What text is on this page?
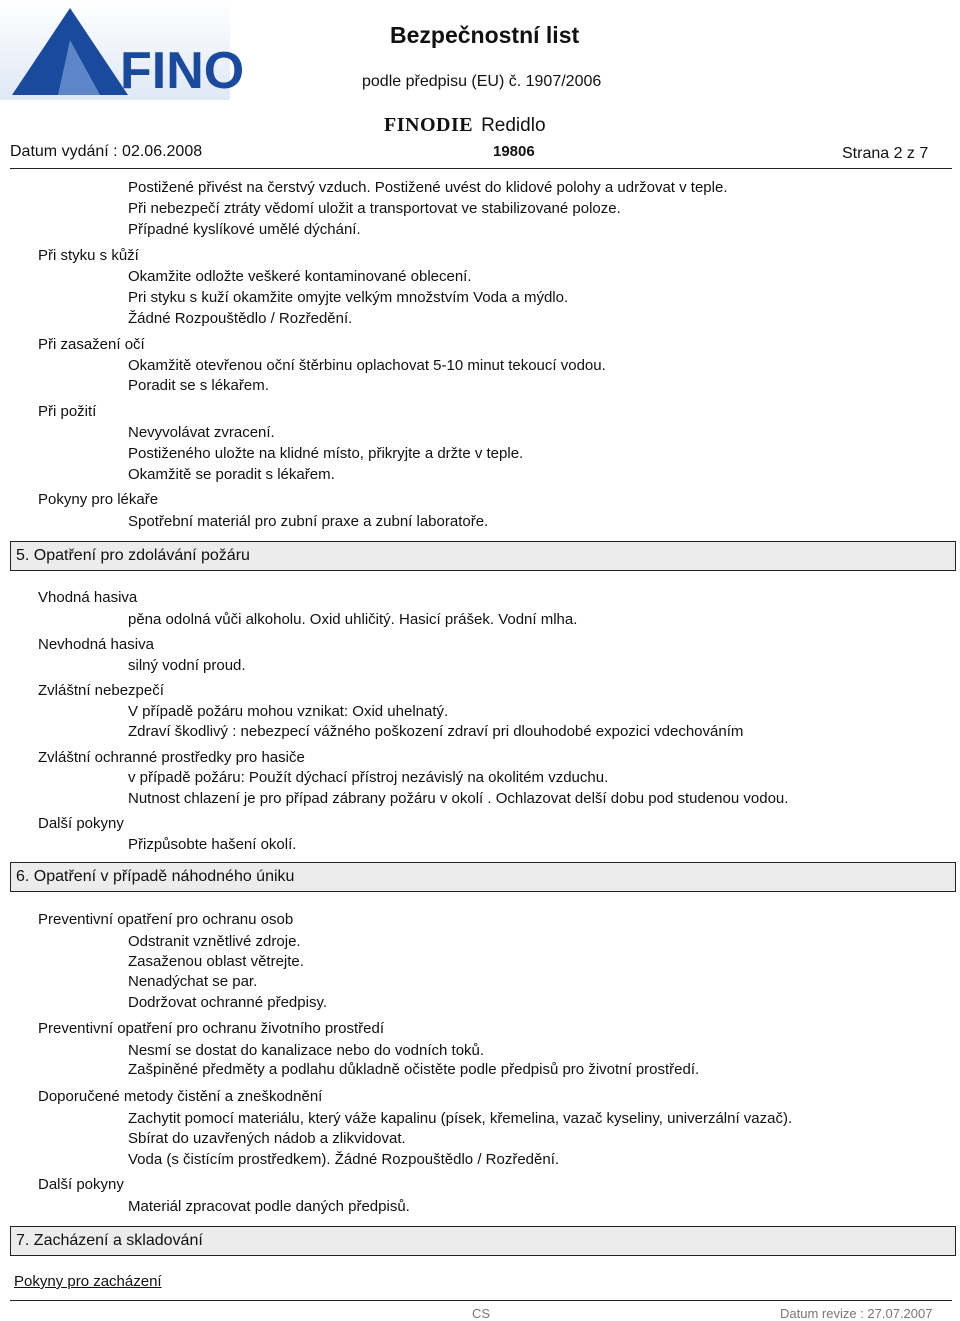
FINO
Bezpečnostní list
podle předpisu (EU) č. 1907/2006
FINODIE Redidlo
Datum vydání : 02.06.2008	19806	Strana 2 z 7
Postižené přivést na čerstvý vzduch. Postižené uvést do klidové polohy a udržovat v teple.
Při nebezpečí ztráty vědomí uložit a transportovat ve stabilizované poloze.
Případné kyslíkové umělé dýchání.
Při styku s kůží
Okamžite odložte veškeré kontaminované oblecení.
Pri styku s kuží okamžite omyjte velkým množstvím Voda a mýdlo.
Žádné Rozpouštědlo / Rozředění.
Při zasažení očí
Okamžitě otevřenou oční štěrbinu oplachovat 5-10 minut tekoucí vodou.
Poradit se s lékařem.
Při požití
Nevyvolávat zvracení.
Postiženého uložte na klidné místo, přikryjte a držte v teple.
Okamžitě se poradit s lékařem.
Pokyny pro lékaře
Spotřební materiál pro zubní praxe a zubní laboratoře.
5. Opatření pro zdolávání požáru
Vhodná hasiva
pěna odolná vůči alkoholu. Oxid uhličitý. Hasicí prášek. Vodní mlha.
Nevhodná hasiva
silný vodní proud.
Zvláštní nebezpečí
V případě požáru mohou vznikat: Oxid uhelnatý.
Zdraví škodlivý : nebezpecí vážného poškození zdraví pri dlouhodobé expozici vdechováním
Zvláštní ochranné prostředky pro hasiče
v případě požáru: Použít dýchací přístroj nezávislý na okolitém vzduchu.
Nutnost chlazení je pro případ zábrany požáru v okolí . Ochlazovat delší dobu pod studenou vodou.
Další pokyny
Přizpůsobte hašení okolí.
6. Opatření v případě náhodného úniku
Preventivní opatření pro ochranu osob
Odstranit vznětlivé zdroje.
Zasaženou oblast větrejte.
Nenadýchat se par.
Dodržovat ochranné předpisy.
Preventivní opatření pro ochranu životního prostředí
Nesmí se dostat do kanalizace nebo do vodních toků.
Zašpiněné předměty a podlahu důkladně očistěte podle předpisů pro životní prostředí.
Doporučené metody čistění a zneškodnění
Zachytit pomocí materiálu, který váže kapalinu (písek, křemelina, vazač kyseliny, univerzální vazač).
Sbírat do uzavřených nádob a zlikvidovat.
Voda (s čistícím prostředkem). Žádné Rozpouštědlo / Rozředění.
Další pokyny
Materiál zpracovat podle daných předpisů.
7. Zacházení a skladování
Pokyny pro zacházení
CS	Datum revize : 27.07.2007
